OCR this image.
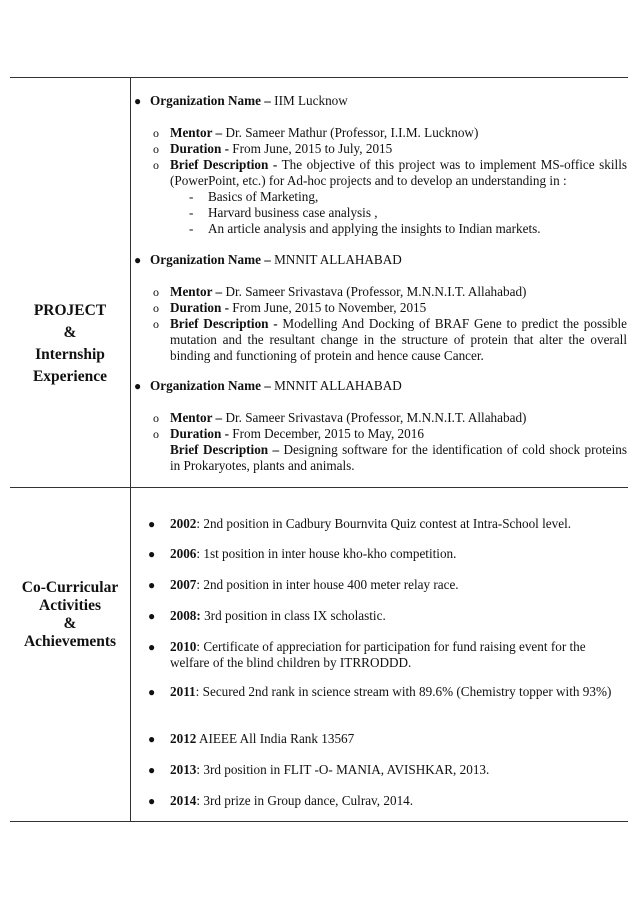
PROJECT
&
Internship
Experience
● Organization Name – IIM Lucknow
o Mentor – Dr. Sameer Mathur (Professor, I.I.M. Lucknow)
o Duration - From June, 2015 to July, 2015
o Brief Description - The objective of this project was to implement MS-office skills (PowerPoint, etc.) for Ad-hoc projects and to develop an understanding in :
- Basics of Marketing,
- Harvard business case analysis ,
- An article analysis and applying the insights to Indian markets.
● Organization Name – MNNIT ALLAHABAD
o Mentor – Dr. Sameer Srivastava (Professor, M.N.N.I.T. Allahabad)
o Duration - From June, 2015 to November, 2015
o Brief Description - Modelling And Docking of BRAF Gene to predict the possible mutation and the resultant change in the structure of protein that alter the overall binding and functioning of protein and hence cause Cancer.
● Organization Name – MNNIT ALLAHABAD
o Mentor – Dr. Sameer Srivastava (Professor, M.N.N.I.T. Allahabad)
o Duration - From December, 2015 to May, 2016
Brief Description – Designing software for the identification of cold shock proteins in Prokaryotes, plants and animals.
Co-Curricular
Activities
&
Achievements
●	2002: 2nd position in Cadbury Bournvita Quiz contest at Intra-School level.
●	2006: 1st position in inter house kho-kho competition.
●	2007: 2nd position in inter house 400 meter relay race.
●	2008: 3rd position in class IX scholastic.
●	2010: Certificate of appreciation for participation for fund raising event for the welfare of the blind children by ITRRODDD.
●	2011: Secured 2nd rank in science stream with 89.6% (Chemistry topper with 93%)
●	2012 AIEEE All India Rank 13567
●	2013: 3rd position in FLIT -O- MANIA, AVISHKAR, 2013.
●	2014: 3rd prize in Group dance, Culrav, 2014.
